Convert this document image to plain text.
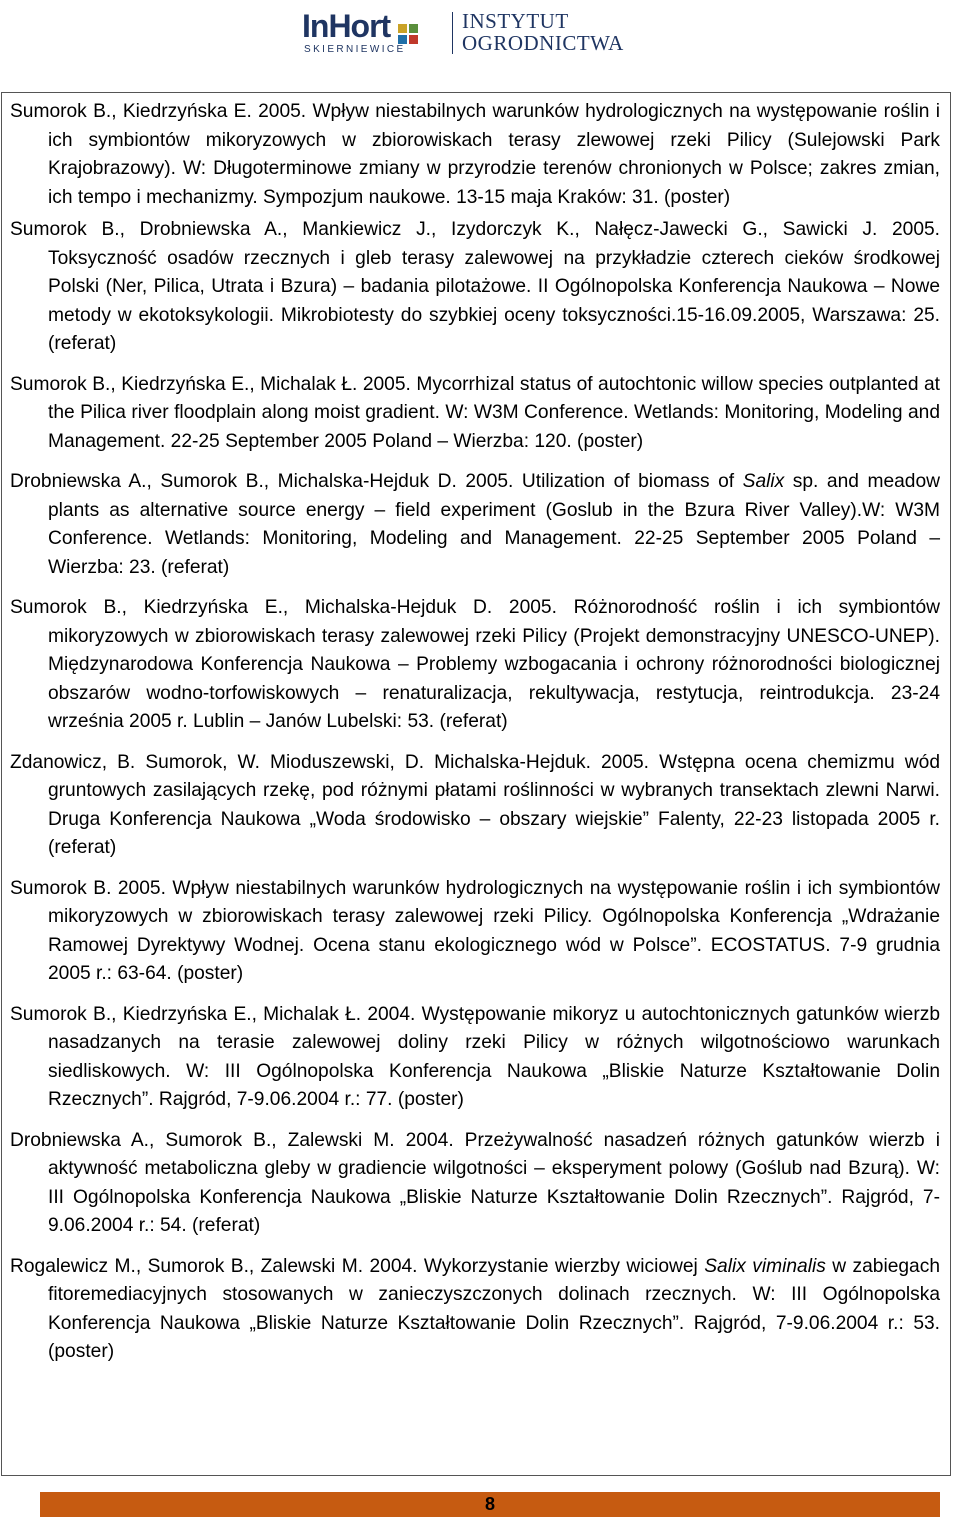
InHort
SKIERNIEWICE
INSTYTUT
OGRODNICTWA

Sumorok B., Kiedrzyńska E. 2005. Wpływ niestabilnych warunków hydrologicznych na występowanie roślin i ich symbiontów mikoryzowych w zbiorowiskach terasy zlewowej rzeki Pilicy (Sulejowski Park Krajobrazowy). W: Długoterminowe zmiany w przyrodzie terenów chronionych w Polsce; zakres zmian, ich tempo i mechanizmy. Sympozjum naukowe. 13-15 maja Kraków: 31. (poster)

Sumorok B., Drobniewska A., Mankiewicz J., Izydorczyk K., Nałęcz-Jawecki G., Sawicki J. 2005. Toksyczność osadów rzecznych i gleb terasy zalewowej na przykładzie czterech cieków środkowej Polski (Ner, Pilica, Utrata i Bzura) – badania pilotażowe. II Ogólnopolska Konferencja Naukowa – Nowe metody w ekotoksykologii. Mikrobiotesty do szybkiej oceny toksyczności.15-16.09.2005, Warszawa: 25. (referat)

Sumorok B., Kiedrzyńska E., Michalak Ł. 2005. Mycorrhizal status of autochtonic willow species outplanted at the Pilica river floodplain along moist gradient. W: W3M Conference. Wetlands: Monitoring, Modeling and Management. 22-25 September 2005 Poland – Wierzba: 120. (poster)

Drobniewska A., Sumorok B., Michalska-Hejduk D. 2005. Utilization of biomass of Salix sp. and meadow plants as alternative source energy – field experiment (Goslub in the Bzura River Valley).W: W3M Conference. Wetlands: Monitoring, Modeling and Management. 22-25 September 2005 Poland – Wierzba: 23. (referat)

Sumorok B., Kiedrzyńska E., Michalska-Hejduk D. 2005. Różnorodność roślin i ich symbiontów mikoryzowych w zbiorowiskach terasy zalewowej rzeki Pilicy (Projekt demonstracyjny UNESCO-UNEP). Międzynarodowa Konferencja Naukowa – Problemy wzbogacania i ochrony różnorodności biologicznej obszarów wodno-torfowiskowych – renaturalizacja, rekultywacja, restytucja, reintrodukcja. 23-24 września 2005 r. Lublin – Janów Lubelski: 53. (referat)

Zdanowicz, B. Sumorok, W. Mioduszewski, D. Michalska-Hejduk. 2005. Wstępna ocena chemizmu wód gruntowych zasilających rzekę, pod różnymi płatami roślinności w wybranych transektach zlewni Narwi. Druga Konferencja Naukowa „Woda środowisko – obszary wiejskie” Falenty, 22-23 listopada 2005 r. (referat)

Sumorok B. 2005. Wpływ niestabilnych warunków hydrologicznych na występowanie roślin i ich symbiontów mikoryzowych w zbiorowiskach terasy zalewowej rzeki Pilicy. Ogólnopolska Konferencja „Wdrażanie Ramowej Dyrektywy Wodnej. Ocena stanu ekologicznego wód w Polsce”. ECOSTATUS. 7-9 grudnia 2005 r.: 63-64. (poster)

Sumorok B., Kiedrzyńska E., Michalak Ł. 2004. Występowanie mikoryz u autochtonicznych gatunków wierzb nasadzanych na terasie zalewowej doliny rzeki Pilicy w różnych wilgotnościowo warunkach siedliskowych. W: III Ogólnopolska Konferencja Naukowa „Bliskie Naturze Kształtowanie Dolin Rzecznych”. Rajgród, 7-9.06.2004 r.: 77. (poster)

Drobniewska A., Sumorok B., Zalewski M. 2004. Przeżywalność nasadzeń różnych gatunków wierzb i aktywność metaboliczna gleby w gradiencie wilgotności – eksperyment polowy (Goślub nad Bzurą). W: III Ogólnopolska Konferencja Naukowa „Bliskie Naturze Kształtowanie Dolin Rzecznych”. Rajgród, 7-9.06.2004 r.: 54. (referat)

Rogalewicz M., Sumorok B., Zalewski M. 2004. Wykorzystanie wierzby wiciowej Salix viminalis w zabiegach fitoremediacyjnych stosowanych w zanieczyszczonych dolinach rzecznych. W: III Ogólnopolska Konferencja Naukowa „Bliskie Naturze Kształtowanie Dolin Rzecznych”. Rajgród, 7-9.06.2004 r.: 53. (poster)

8
